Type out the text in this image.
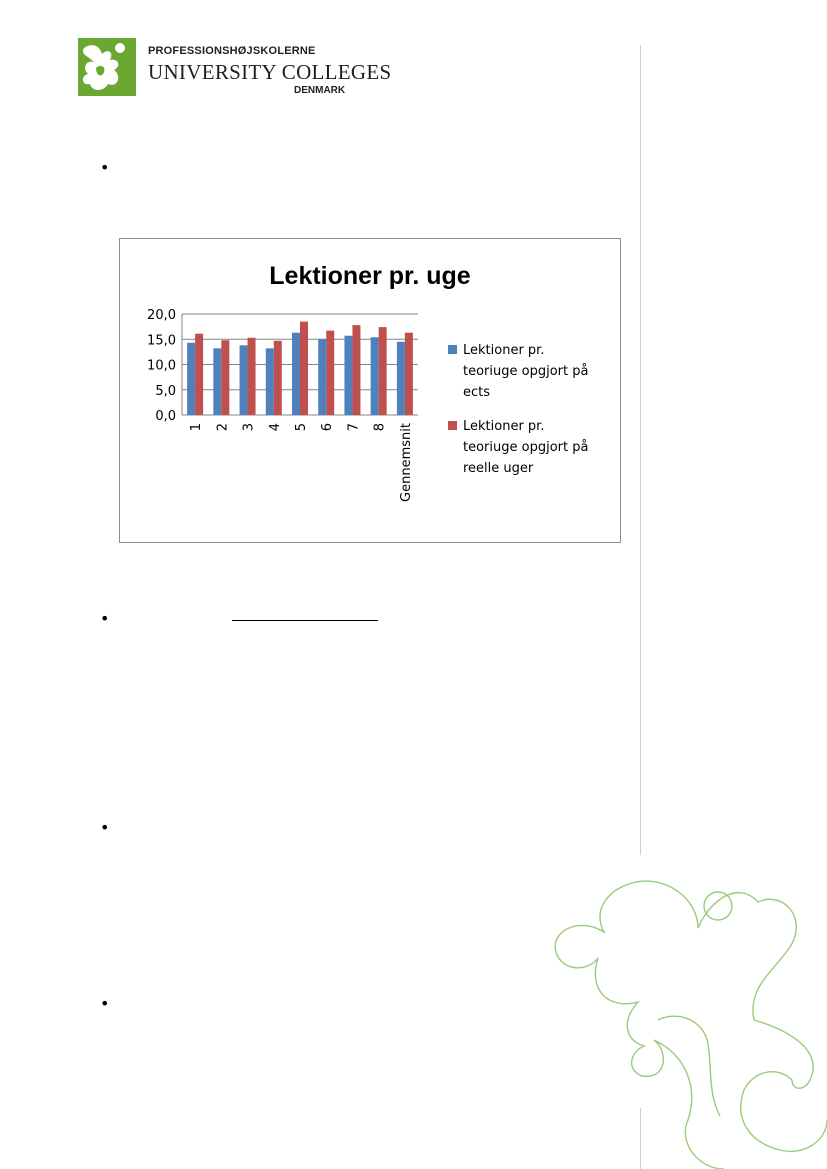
PROFESSIONSHØJSKOLERNE
UNIVERSITY COLLEGES
DENMARK
•
•
•
•
Lektioner pr. uge
20,0
15,0
10,0
5,0
0,0
1 2 3 4 5 6 7 8 Gennemsnit
Lektioner pr.
teoriuge opgjort på
ects
Lektioner pr.
teoriuge opgjort på
reelle uger
